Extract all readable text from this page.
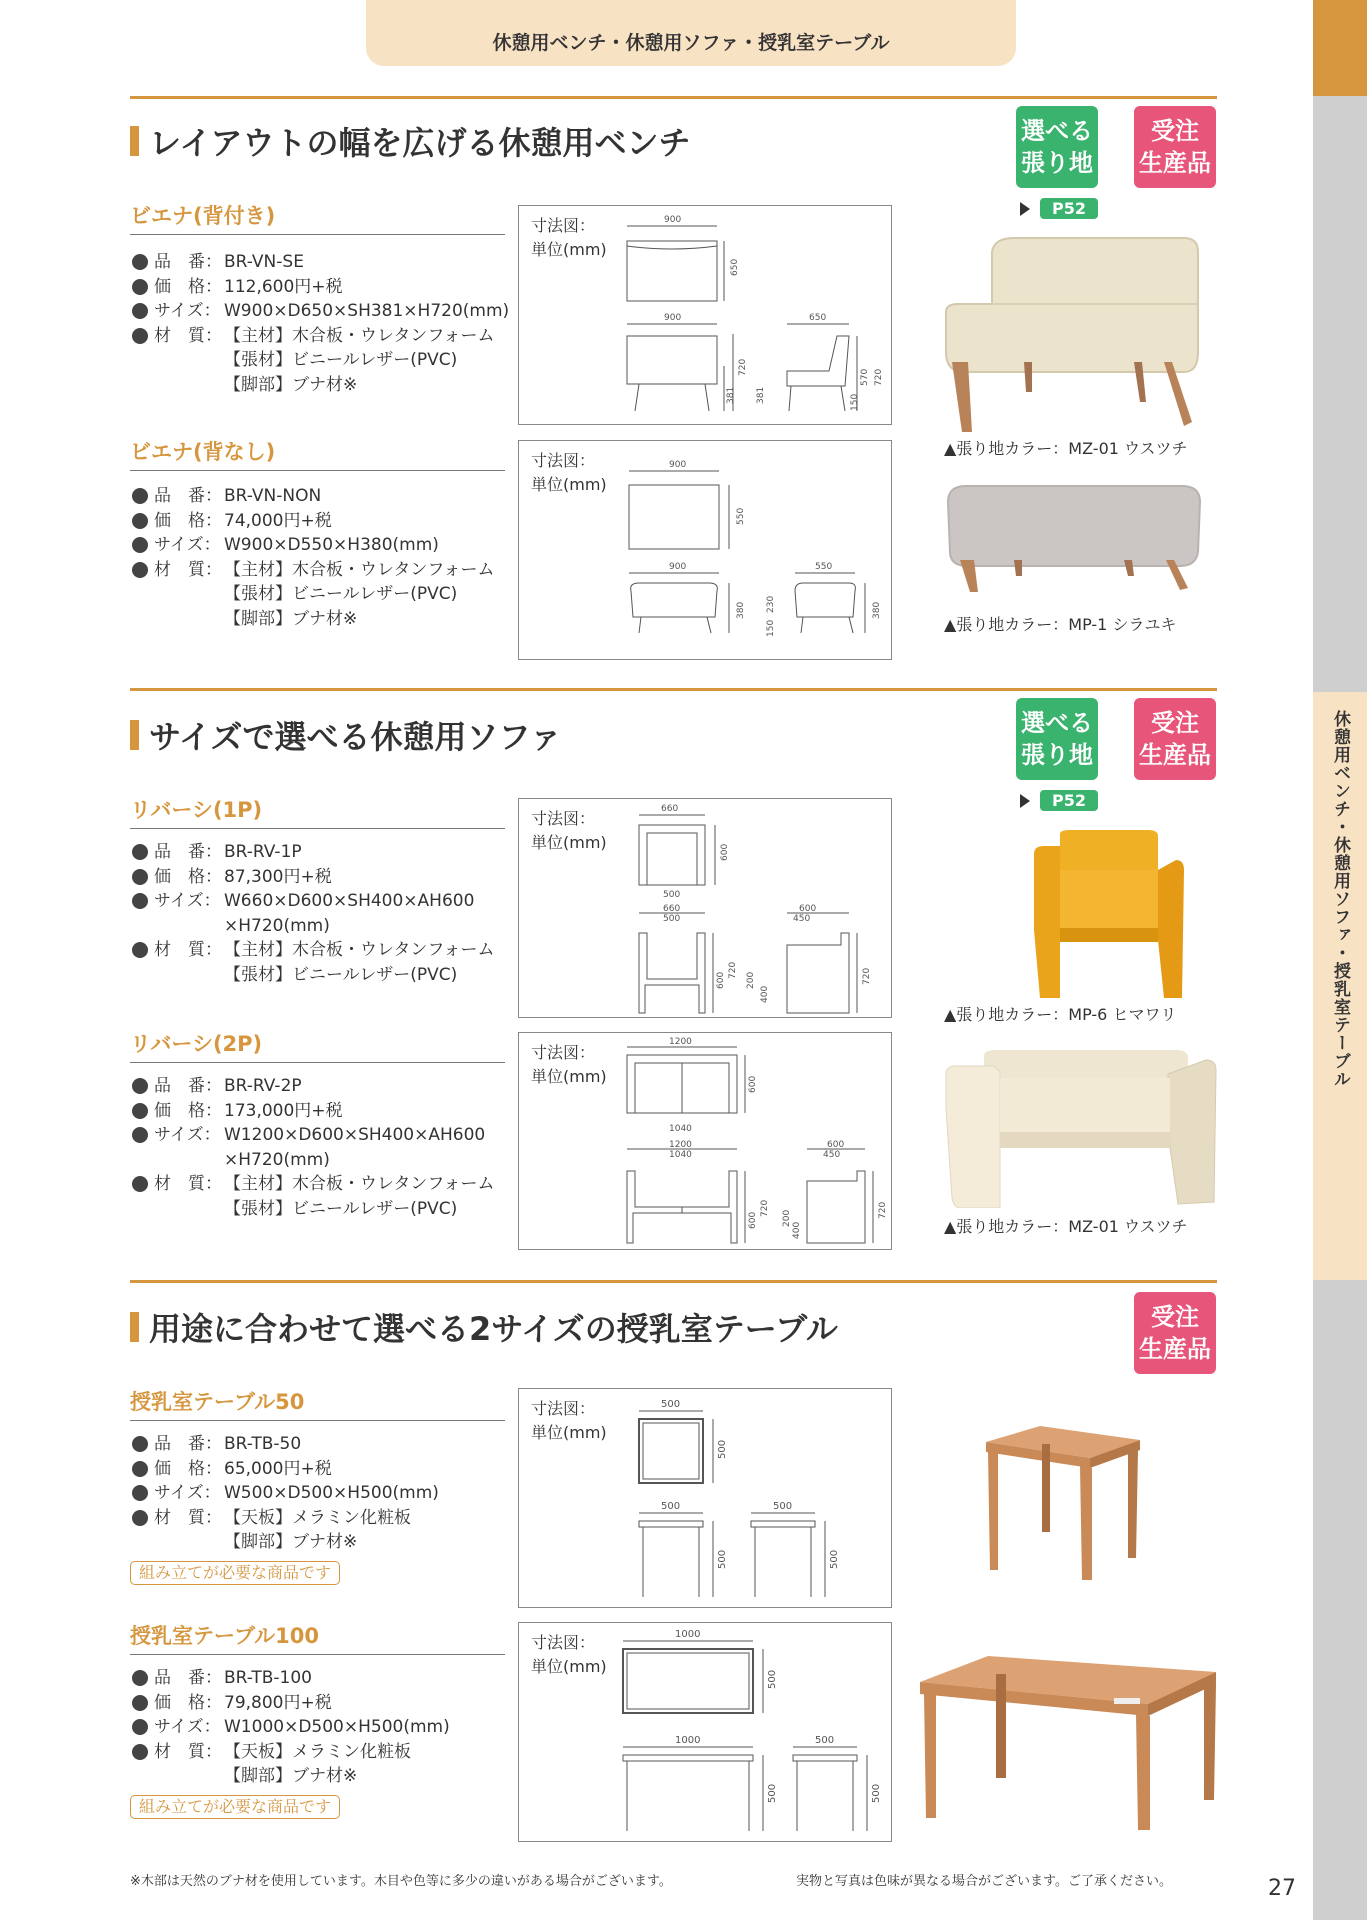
休憩用ベンチ・休憩用ソファ・授乳室テーブル
休憩用ベンチ・休憩用ソファ・授乳室テーブル
レイアウトの幅を広げる休憩用ベンチ	選べる
張り地
受注
生産品
P52
ビエナ(背付き)
品　番： BR-VN-SE
価　格： 112,600円+税
サイズ： W900×D650×SH381×H720(mm)
材　質： 【主材】木合板・ウレタンフォーム
【張材】ビニールレザー(PVC)
【脚部】ブナ材※
寸法図：
単位(mm)
900
650
900
720
381 381
650
570 720
150
▲張り地カラー：MZ-01 ウスツチ
ビエナ(背なし)
品　番： BR-VN-NON
価　格： 74,000円+税
サイズ： W900×D550×H380(mm)
材　質： 【主材】木合板・ウレタンフォーム
【張材】ビニールレザー(PVC)
【脚部】ブナ材※
寸法図：
単位(mm)
900
550
900
380
150
230
550
380
▲張り地カラー：MP-1 シラユキ
サイズで選べる休憩用ソファ	選べる
張り地
受注
生産品
P52
リバーシ(1P)
品　番： BR-RV-1P
価　格： 87,300円+税
サイズ： W660×D600×SH400×AH600
×H720(mm)
材　質： 【主材】木合板・ウレタンフォーム
【張材】ビニールレザー(PVC)
寸法図：
単位(mm)
660
600
500
660
500
600
720
600
450
200
400
720
▲張り地カラー：MP-6 ヒマワリ
リバーシ(2P)
品　番： BR-RV-2P
価　格： 173,000円+税
サイズ： W1200×D600×SH400×AH600
×H720(mm)
材　質： 【主材】木合板・ウレタンフォーム
【張材】ビニールレザー(PVC)
寸法図：
単位(mm)
1200
600
1040
1200
1040
600
720
600
450
200
400
720
▲張り地カラー：MZ-01 ウスツチ
用途に合わせて選べる2サイズの授乳室テーブル	受注
生産品
授乳室テーブル50
品　番： BR-TB-50
価　格： 65,000円+税
サイズ： W500×D500×H500(mm)
材　質： 【天板】メラミン化粧板
【脚部】ブナ材※
組み立てが必要な商品です
寸法図：
単位(mm)
500
500
500
500
500
500
授乳室テーブル100
品　番： BR-TB-100
価　格： 79,800円+税
サイズ： W1000×D500×H500(mm)
材　質： 【天板】メラミン化粧板
【脚部】ブナ材※
組み立てが必要な商品です
寸法図：
単位(mm)
1000
500
1000
500
500
500
※木部は天然のブナ材を使用しています。木目や色等に多少の違いがある場合がございます。	実物と写真は色味が異なる場合がございます。ご了承ください。	27
